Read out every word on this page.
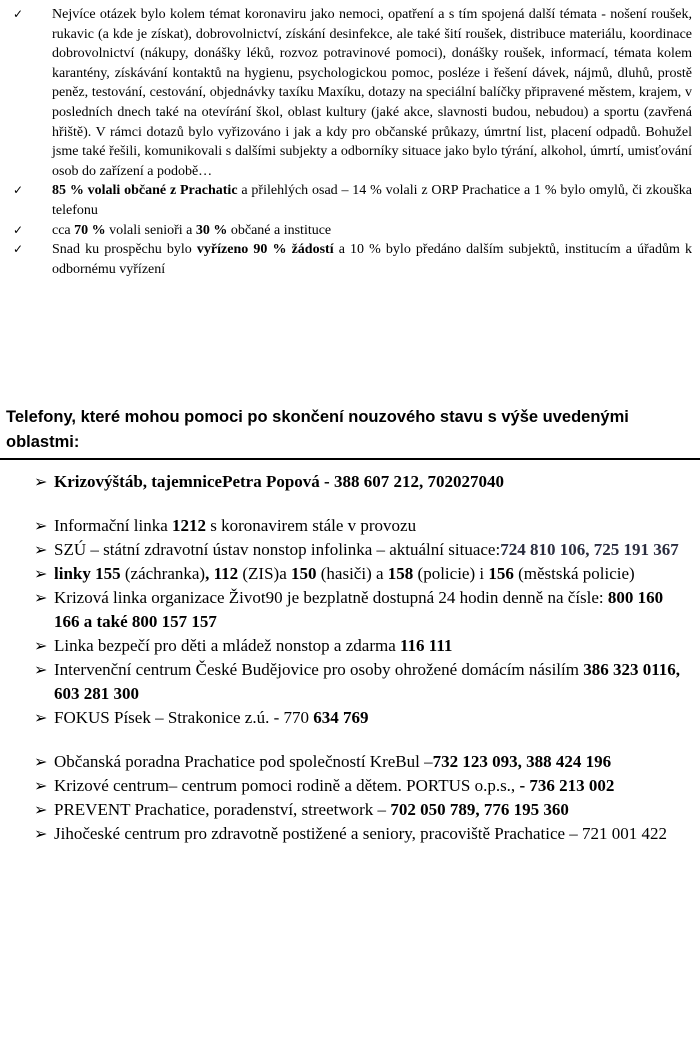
✓	Nejvíce otázek bylo kolem témat koronaviru jako nemoci, opatření a s tím spojená další témata - nošení roušek, rukavic (a kde je získat), dobrovolnictví, získání desinfekce, ale také šití roušek, distribuce materiálu, koordinace dobrovolnictví (nákupy, donášky léků, rozvoz potravinové pomoci), donášky roušek, informací, témata kolem karantény, získávání kontaktů na hygienu, psychologickou pomoc, posléze i řešení dávek, nájmů, dluhů, prostě peněz, testování, cestování, objednávky taxíku Maxíku, dotazy na speciální balíčky připravené městem, krajem, v posledních dnech také na otevírání škol, oblast kultury (jaké akce, slavnosti budou, nebudou) a sportu (zavřená hřiště). V rámci dotazů bylo vyřizováno i jak a kdy pro občanské průkazy, úmrtní list, placení odpadů. Bohužel jsme také řešili, komunikovali s dalšími subjekty a odborníky situace jako bylo týrání, alkohol, úmrtí, umisťování osob do zařízení a podobě…
✓	85 % volali občané z Prachatic a přilehlých osad – 14 % volali z ORP Prachatice a 1 % bylo omylů, či zkouška telefonu
✓	cca 70 % volali senioři a 30 % občané a instituce
✓	Snad ku prospěchu bylo vyřízeno 90 % žádostí a 10 % bylo předáno dalším subjektů, institucím a úřadům k odbornému vyřízení
Telefony, které mohou pomoci po skončení nouzového stavu s výše uvedenými oblastmi:
➢ Krizovýštáb, tajemnicePetra Popová - 388 607 212, 702027040
➢ Informační linka 1212 s koronavirem stále v provozu
➢ SZÚ – státní zdravotní ústav nonstop infolinka – aktuální situace:724 810 106, 725 191 367
➢ linky 155 (záchranka), 112 (ZIS)a 150 (hasiči) a 158 (policie) i 156 (městská policie)
➢ Krizová linka organizace Život90 je bezplatně dostupná 24 hodin denně na čísle: 800 160 166 a také 800 157 157
➢ Linka bezpečí pro děti a mládež nonstop a zdarma 116 111
➢ Intervenční centrum České Budějovice pro osoby ohrožené domácím násilím 386 323 0116, 603 281 300
➢ FOKUS Písek – Strakonice z.ú. - 770 634 769
➢ Občanská poradna Prachatice pod společností KreBul –732 123 093, 388 424 196
➢ Krizové centrum– centrum pomoci rodině a dětem. PORTUS o.p.s., - 736 213 002
➢ PREVENT Prachatice, poradenství, streetwork – 702 050 789, 776 195 360
➢ Jihočeské centrum pro zdravotně postižené a seniory, pracoviště Prachatice – 721 001 422
